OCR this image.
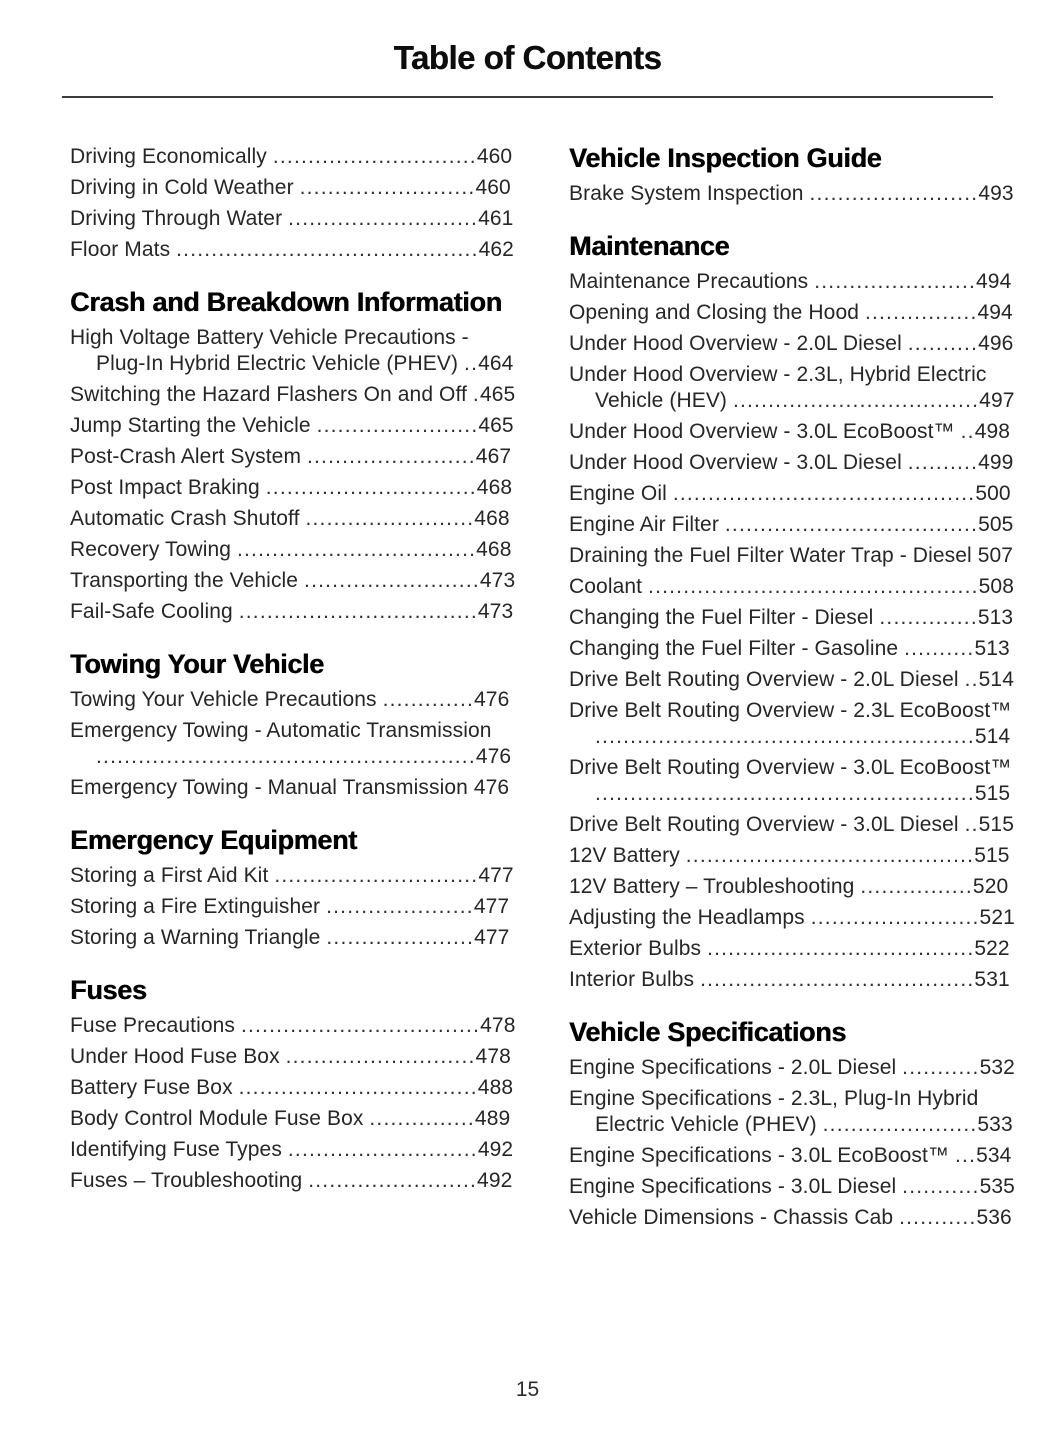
Table of Contents

Driving Economically .............................460

Driving in Cold Weather .........................460

Driving Through Water ...........................461

Floor Mats ...........................................462

Crash and Breakdown Information

High Voltage Battery Vehicle Precautions - Plug-In Hybrid Electric Vehicle (PHEV) ..464

Switching the Hazard Flashers On and Off .465

Jump Starting the Vehicle .......................465

Post-Crash Alert System ........................467

Post Impact Braking ..............................468

Automatic Crash Shutoff ........................468

Recovery Towing ..................................468

Transporting the Vehicle .........................473

Fail-Safe Cooling ..................................473

Towing Your Vehicle

Towing Your Vehicle Precautions .............476

Emergency Towing - Automatic Transmission ......................................................476

Emergency Towing - Manual Transmission 476

Emergency Equipment

Storing a First Aid Kit .............................477

Storing a Fire Extinguisher .....................477

Storing a Warning Triangle .....................477

Fuses

Fuse Precautions ..................................478

Under Hood Fuse Box ...........................478

Battery Fuse Box ..................................488

Body Control Module Fuse Box ...............489

Identifying Fuse Types ...........................492

Fuses – Troubleshooting ........................492

Vehicle Inspection Guide

Brake System Inspection ........................493

Maintenance

Maintenance Precautions .......................494

Opening and Closing the Hood ................494

Under Hood Overview - 2.0L Diesel ..........496

Under Hood Overview - 2.3L, Hybrid Electric Vehicle (HEV) ...................................497

Under Hood Overview - 3.0L EcoBoost™ ..498

Under Hood Overview - 3.0L Diesel ..........499

Engine Oil ...........................................500

Engine Air Filter ....................................505

Draining the Fuel Filter Water Trap - Diesel 507

Coolant ...............................................508

Changing the Fuel Filter - Diesel ..............513

Changing the Fuel Filter - Gasoline ..........513

Drive Belt Routing Overview - 2.0L Diesel ..514

Drive Belt Routing Overview - 2.3L EcoBoost™ ......................................................514

Drive Belt Routing Overview - 3.0L EcoBoost™ ......................................................515

Drive Belt Routing Overview - 3.0L Diesel ..515

12V Battery .........................................515

12V Battery – Troubleshooting ................520

Adjusting the Headlamps ........................521

Exterior Bulbs ......................................522

Interior Bulbs .......................................531

Vehicle Specifications

Engine Specifications - 2.0L Diesel ...........532

Engine Specifications - 2.3L, Plug-In Hybrid Electric Vehicle (PHEV) ......................533

Engine Specifications - 3.0L EcoBoost™ ...534

Engine Specifications - 3.0L Diesel ...........535

Vehicle Dimensions - Chassis Cab ...........536

15
